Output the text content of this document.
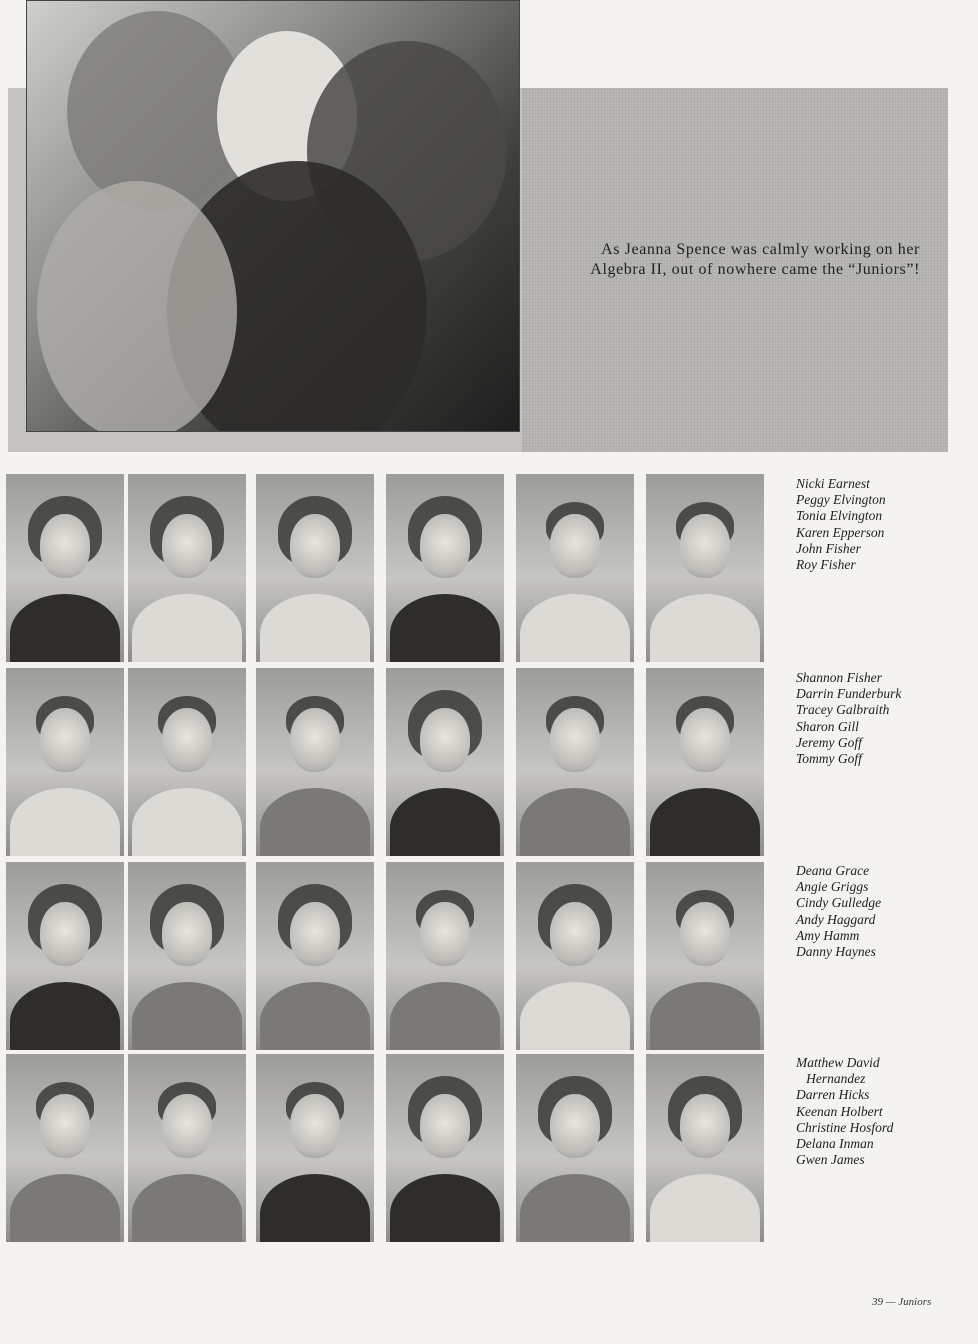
As Jeanna Spence was calmly working on her
Algebra II, out of nowhere came the “Juniors”!
Nicki Earnest
Peggy Elvington
Tonia Elvington
Karen Epperson
John Fisher
Roy Fisher
Shannon Fisher
Darrin Funderburk
Tracey Galbraith
Sharon Gill
Jeremy Goff
Tommy Goff
Deana Grace
Angie Griggs
Cindy Gulledge
Andy Haggard
Amy Hamm
Danny Haynes
Matthew David
Hernandez
Darren Hicks
Keenan Holbert
Christine Hosford
Delana Inman
Gwen James
39 — Juniors
